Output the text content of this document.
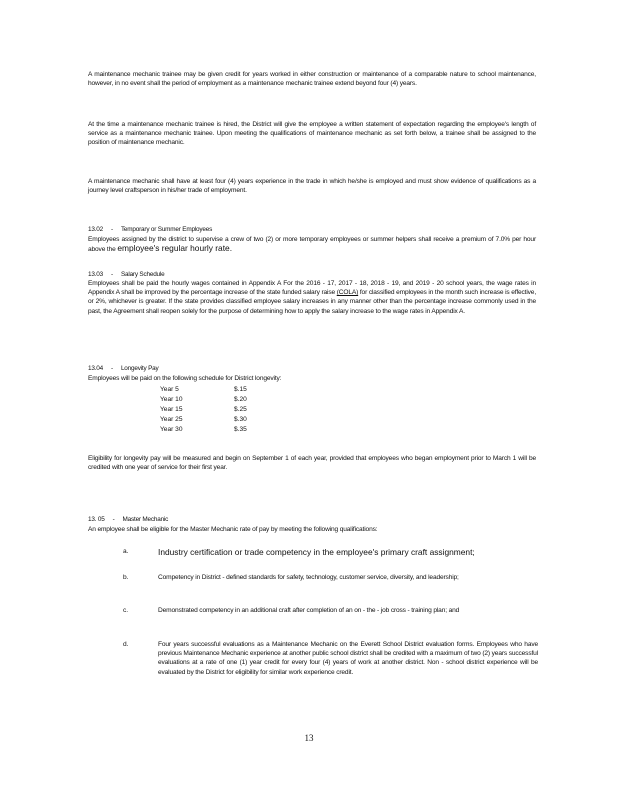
A maintenance mechanic trainee may be given credit for years worked in either construction or maintenance of a comparable nature to school maintenance, however, in no event shall the period of employment as a maintenance mechanic trainee extend beyond four (4) years.

At the time a maintenance mechanic trainee is hired, the District will give the employee a written statement of expectation regarding the employee's length of service as a maintenance mechanic trainee. Upon meeting the qualifications of maintenance mechanic as set forth below, a trainee shall be assigned to the position of maintenance mechanic.

A maintenance mechanic shall have at least four (4) years experience in the trade in which he/she is employed and must show evidence of qualifications as a journey level craftsperson in his/her trade of employment.

13.02 - Temporary or Summer Employees

Employees assigned by the district to supervise a crew of two (2) or more temporary employees or summer helpers shall receive a premium of 7.0% per hour above the employee's regular hourly rate.

13.03 - Salary Schedule

Employees shall be paid the hourly wages contained in Appendix A For the 2016 - 17, 2017 - 18, 2018 - 19, and 2019 - 20 school years, the wage rates in Appendix A shall be improved by the percentage increase of the state funded salary raise (COLA) for classified employees in the month such increase is effective, or 2%, whichever is greater. If the state provides classified employee salary increases in any manner other than the percentage increase commonly used in the past, the Agreement shall reopen solely for the purpose of determining how to apply the salary increase to the wage rates in Appendix A.

13.04 - Longevity Pay

Employees will be paid on the following schedule for District longevity:

Year 5	$.15
Year 10	$.20
Year 15	$.25
Year 25	$.30
Year 30	$.35

Eligibility for longevity pay will be measured and begin on September 1 of each year, provided that employees who began employment prior to March 1 will be credited with one year of service for their first year.

13. 05 - Master Mechanic

An employee shall be eligible for the Master Mechanic rate of pay by meeting the following qualifications:

a.	Industry certification or trade competency in the employee's primary craft assignment;
b.	Competency in District - defined standards for safety, technology, customer service, diversity, and leadership;
c.	Demonstrated competency in an additional craft after completion of an on - the - job cross - training plan; and
d.	Four years successful evaluations as a Maintenance Mechanic on the Everett School District evaluation forms. Employees who have previous Maintenance Mechanic experience at another public school district shall be credited with a maximum of two (2) years successful evaluations at a rate of one (1) year credit for every four (4) years of work at another district. Non - school district experience will be evaluated by the District for eligibility for similar work experience credit.
13
